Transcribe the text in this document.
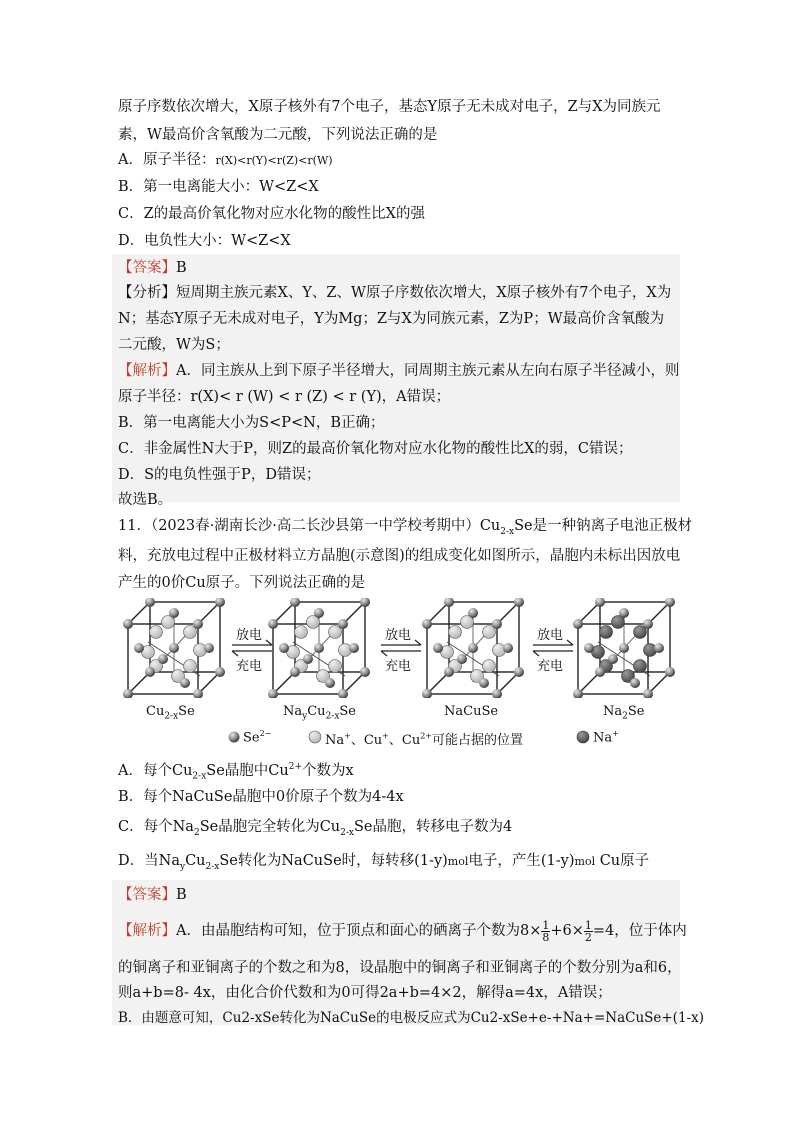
原子序数依次增大，X原子核外有7个电子，基态Y原子无未成对电子，Z与X为同族元
素，W最高价含氧酸为二元酸，下列说法正确的是
A．原子半径：r(X)<r(Y)<r(Z)<r(W)
B．第一电离能大小：W<Z<X
C．Z的最高价氧化物对应水化物的酸性比X的强
D．电负性大小：W<Z<X
【答案】B
【分析】短周期主族元素X、Y、Z、W原子序数依次增大，X原子核外有7个电子，X为
N；基态Y原子无未成对电子，Y为Mg；Z与X为同族元素，Z为P；W最高价含氧酸为
二元酸，W为S；
【解析】A．同主族从上到下原子半径增大，同周期主族元素从左向右原子半径减小，则
原子半径：r(X)< r (W) < r (Z) < r (Y)，A错误；
B．第一电离能大小为S<P<N，B正确；
C．非金属性N大于P，则Z的最高价氧化物对应水化物的酸性比X的弱，C错误；
D．S的电负性强于P，D错误；
故选B。
11．（2023春·湖南长沙·高二长沙县第一中学校考期中）$Cu_{2-x}Se$是一种钠离子电池正极材
料，充放电过程中正极材料立方晶胞(示意图)的组成变化如图所示，晶胞内未标出因放电
产生的0价Cu原子。下列说法正确的是
放电
充电
放电
充电
放电
充电
$Cu_{2-x}Se$	$Na_yCu_{2-x}Se$	NaCuSe	$Na_2Se$
$Se^{2-}$	Na+、Cu+、$Cu^{2+}$可能占据的位置	Na+
A．每个$Cu_{2-x}Se$晶胞中$Cu^{2+}$个数为x
B．每个NaCuSe晶胞中0价原子个数为4-4x
C．每个$Na_2Se$晶胞完全转化为$Cu_{2-x}Se$晶胞，转移电子数为4
D．当$Na_yCu_{2-x}Se$转化为NaCuSe时，每转移(1-y)mol电子，产生(1-y)mol Cu原子
【答案】B
【解析】A．由晶胞结构可知，位于顶点和面心的硒离子个数为$8\times \frac{1}{8} +6\times \frac{1}{2} =4$，位于体内
的铜离子和亚铜离子的个数之和为8，设晶胞中的铜离子和亚铜离子的个数分别为a和6，
则a+b=8- 4x，由化合价代数和为0可得2a+b=4×2，解得a=4x，A错误；
B．由题意可知，Cu2-xSe转化为NaCuSe的电极反应式为Cu2-xSe+e-+Na+=NaCuSe+(1-x)
